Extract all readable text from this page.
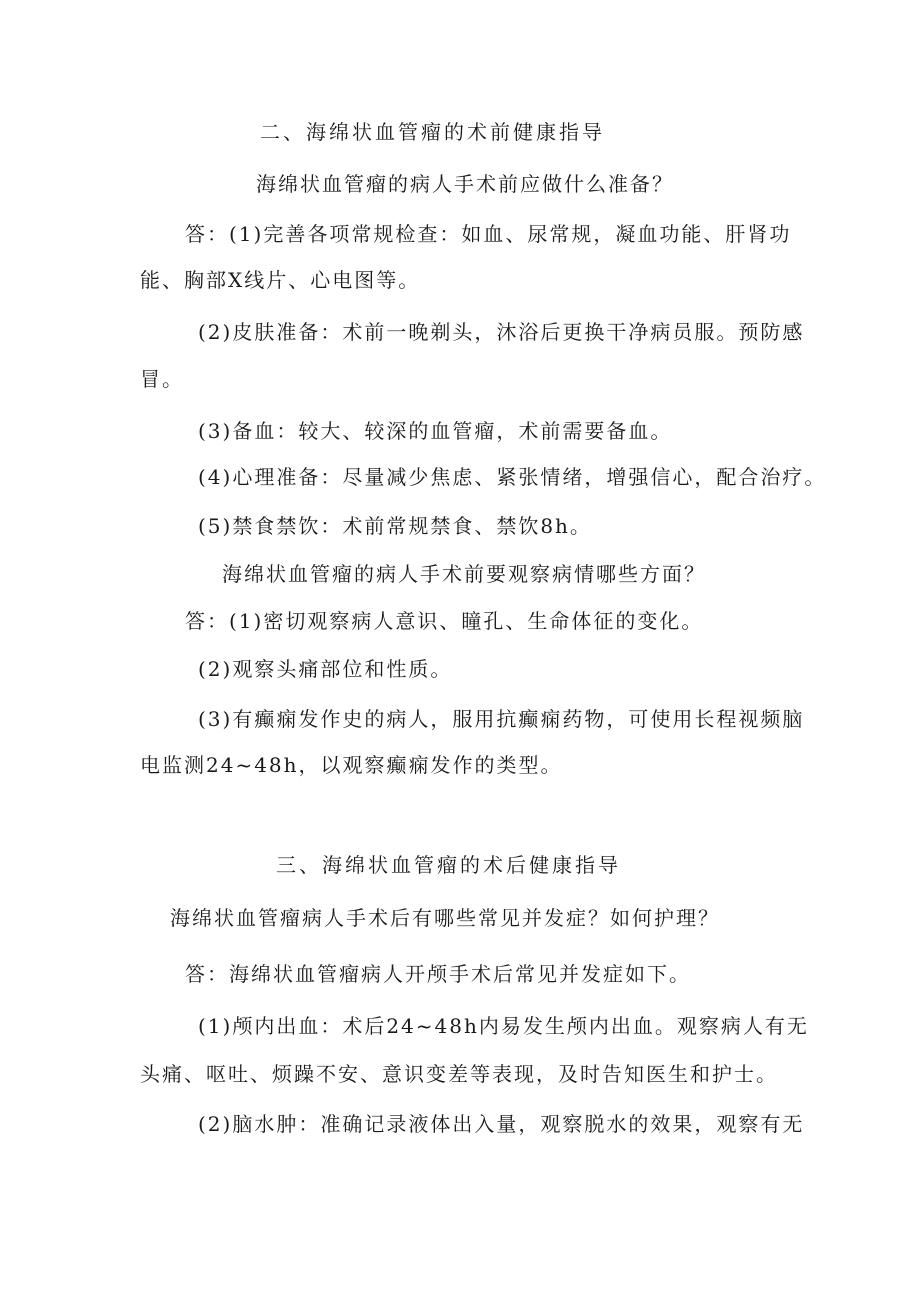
二、海绵状血管瘤的术前健康指导
海绵状血管瘤的病人手术前应做什么准备？
答：(1)完善各项常规检查：如血、尿常规，凝血功能、肝肾功
能、胸部X线片、心电图等。
(2)皮肤准备：术前一晚剃头，沐浴后更换干净病员服。预防感
冒。
(3)备血：较大、较深的血管瘤，术前需要备血。
(4)心理准备：尽量减少焦虑、紧张情绪，增强信心，配合治疗。
(5)禁食禁饮：术前常规禁食、禁饮8h。
海绵状血管瘤的病人手术前要观察病情哪些方面？
答：(1)密切观察病人意识、瞳孔、生命体征的变化。
(2)观察头痛部位和性质。
(3)有癫痫发作史的病人，服用抗癫痫药物，可使用长程视频脑
电监测24~48h，以观察癫痫发作的类型。
三、海绵状血管瘤的术后健康指导
海绵状血管瘤病人手术后有哪些常见并发症？如何护理？
答：海绵状血管瘤病人开颅手术后常见并发症如下。
(1)颅内出血：术后24~48h内易发生颅内出血。观察病人有无
头痛、呕吐、烦躁不安、意识变差等表现，及时告知医生和护士。
(2)脑水肿：准确记录液体出入量，观察脱水的效果，观察有无
